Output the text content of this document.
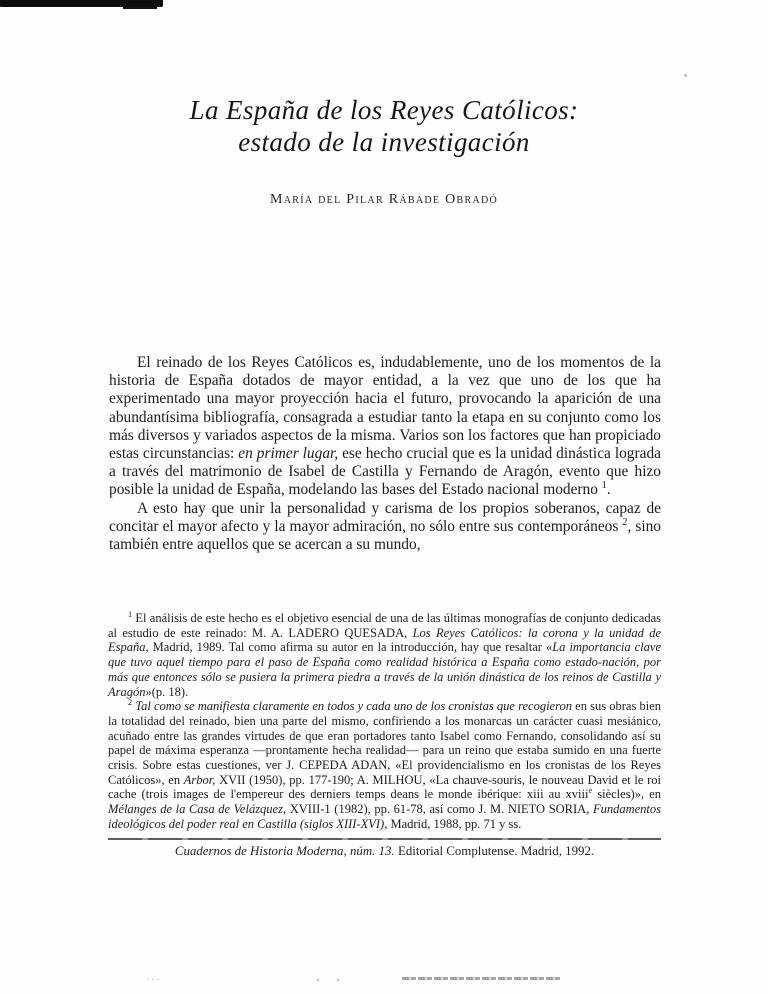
La España de los Reyes Católicos:
estado de la investigación
María del Pilar Rábade Obradó

El reinado de los Reyes Católicos es, indudablemente, uno de los momentos de la historia de España dotados de mayor entidad, a la vez que uno de los que ha experimentado una mayor proyección hacia el futuro, provocando la aparición de una abundantísima bibliografía, consagrada a estudiar tanto la etapa en su conjunto como los más diversos y variados aspectos de la misma. Varios son los factores que han propiciado estas circunstancias: en primer lugar, ese hecho crucial que es la unidad dinástica lograda a través del matrimonio de Isabel de Castilla y Fernando de Aragón, evento que hizo posible la unidad de España, modelando las bases del Estado nacional moderno $^1$.

A esto hay que unir la personalidad y carisma de los propios soberanos, capaz de concitar el mayor afecto y la mayor admiración, no sólo entre sus contemporáneos $^2$, sino también entre aquellos que se acercan a su mundo,

$^1$ El análisis de este hecho es el objetivo esencial de una de las últimas monografías de conjunto dedicadas al estudio de este reinado: M. A. LADERO QUESADA, Los Reyes Católicos: la corona y la unidad de España, Madrid, 1989. Tal como afirma su autor en la introducción, hay que resaltar «La importancia clave que tuvo aquel tiempo para el paso de España como realidad histórica a España como estado-nación, por más que entonces sólo se pusiera la primera piedra a través de la unión dinástica de los reinos de Castilla y Aragón»(p. 18).

$^2$ Tal como se manifiesta claramente en todos y cada uno de los cronistas que recogieron en sus obras bien la totalidad del reinado, bien una parte del mismo, confiriendo a los monarcas un carácter cuasi mesiánico, acuñado entre las grandes virtudes de que eran portadores tanto Isabel como Fernando, consolidando así su papel de máxima esperanza —prontamente hecha realidad— para un reino que estaba sumido en una fuerte crisis. Sobre estas cuestiones, ver J. CEPEDA ADAN, «El providencialismo en los cronistas de los Reyes Católicos», en Arbor, XVII (1950), pp. 177-190; A. MILHOU, «La chauve-souris, le nouveau David et le roi cache (trois images de l'empereur des derniers temps deans le monde ibérique: xiii au xviii$^e$ siècles)», en Mélanges de la Casa de Velázquez, XVIII-1 (1982), pp. 61-78, así como J. M. NIETO SORIA, Fundamentos ideológicos del poder real en Castilla (siglos XIII-XVI), Madrid, 1988, pp. 71 y ss.

Cuadernos de Historia Moderna, núm. 13. Editorial Complutense. Madrid, 1992.
